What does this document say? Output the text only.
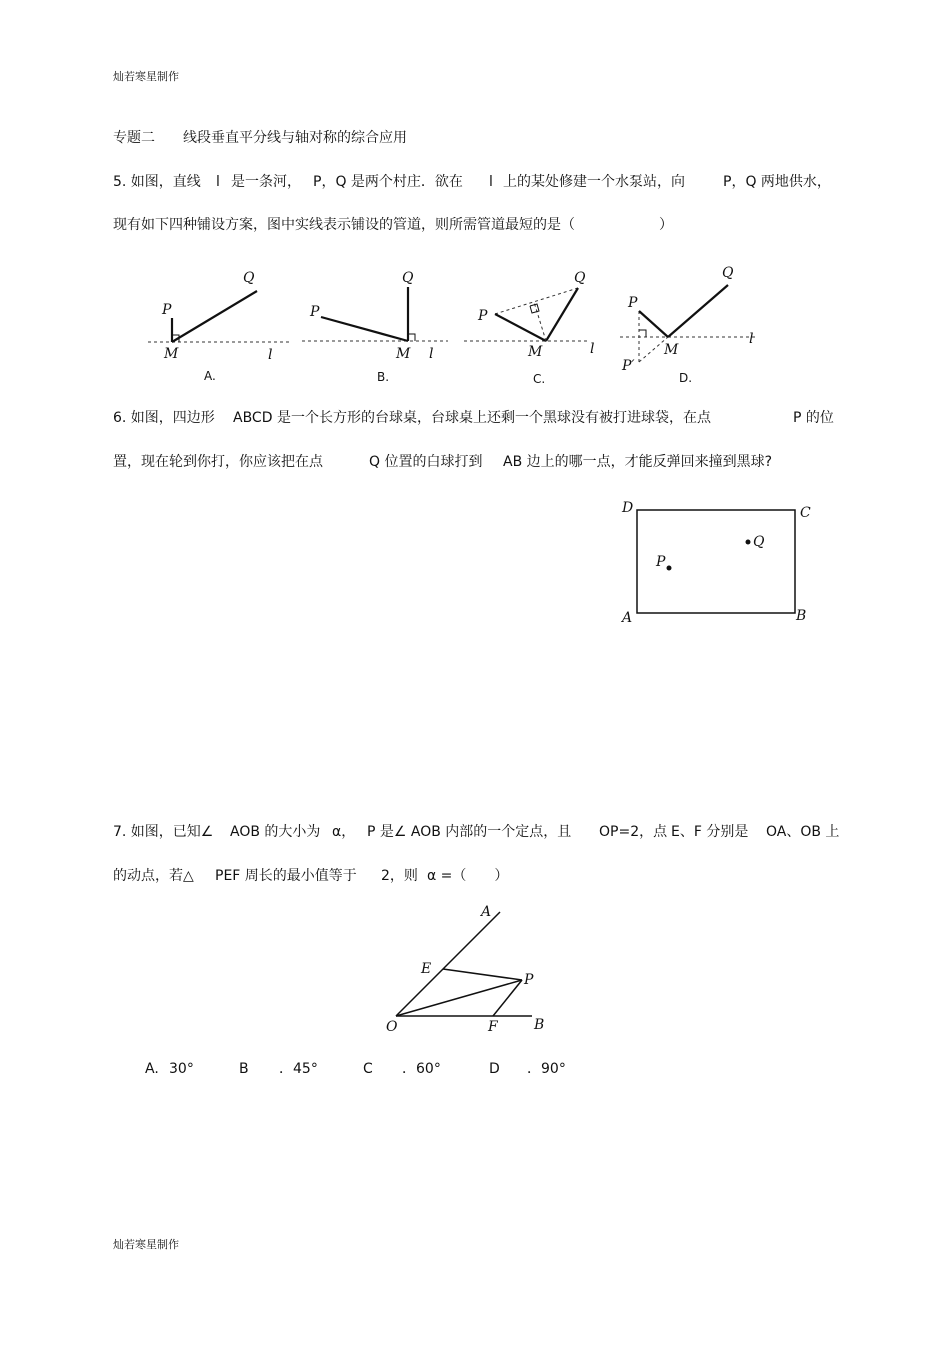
灿若寒星制作
专题二　　线段垂直平分线与轴对称的综合应用
5. 如图，直线 l 是一条河， P，Q 是两个村庄．欲在 l 上的某处修建一个水泵站，向	P，Q 两地供水，
现有如下四种铺设方案，图中实线表示铺设的管道，则所需管道最短的是（　　　　　　）
P
Q
M	l
A.
P
Q
M l
B.
P
Q
M	l
C.
P
Q
M
l
P′
D.
6. 如图，四边形 ABCD 是一个长方形的台球桌，台球桌上还剩一个黑球没有被打进球袋，在点	P 的位
置，现在轮到你打，你应该把在点	Q 位置的白球打到 AB 边上的哪一点，才能反弹回来撞到黑球?
D	C
A	B
P
Q
7. 如图，已知∠ AOB 的大小为 α， P 是∠ AOB 内部的一个定点，且 OP=2，点 E、F 分别是 OA、OB 上
的动点，若△ PEF 周长的最小值等于 2，则 α =（　　）
A
E
P
O	F	B
A. 30°	B ．45°	C ．60°	D ．90°
灿若寒星制作
